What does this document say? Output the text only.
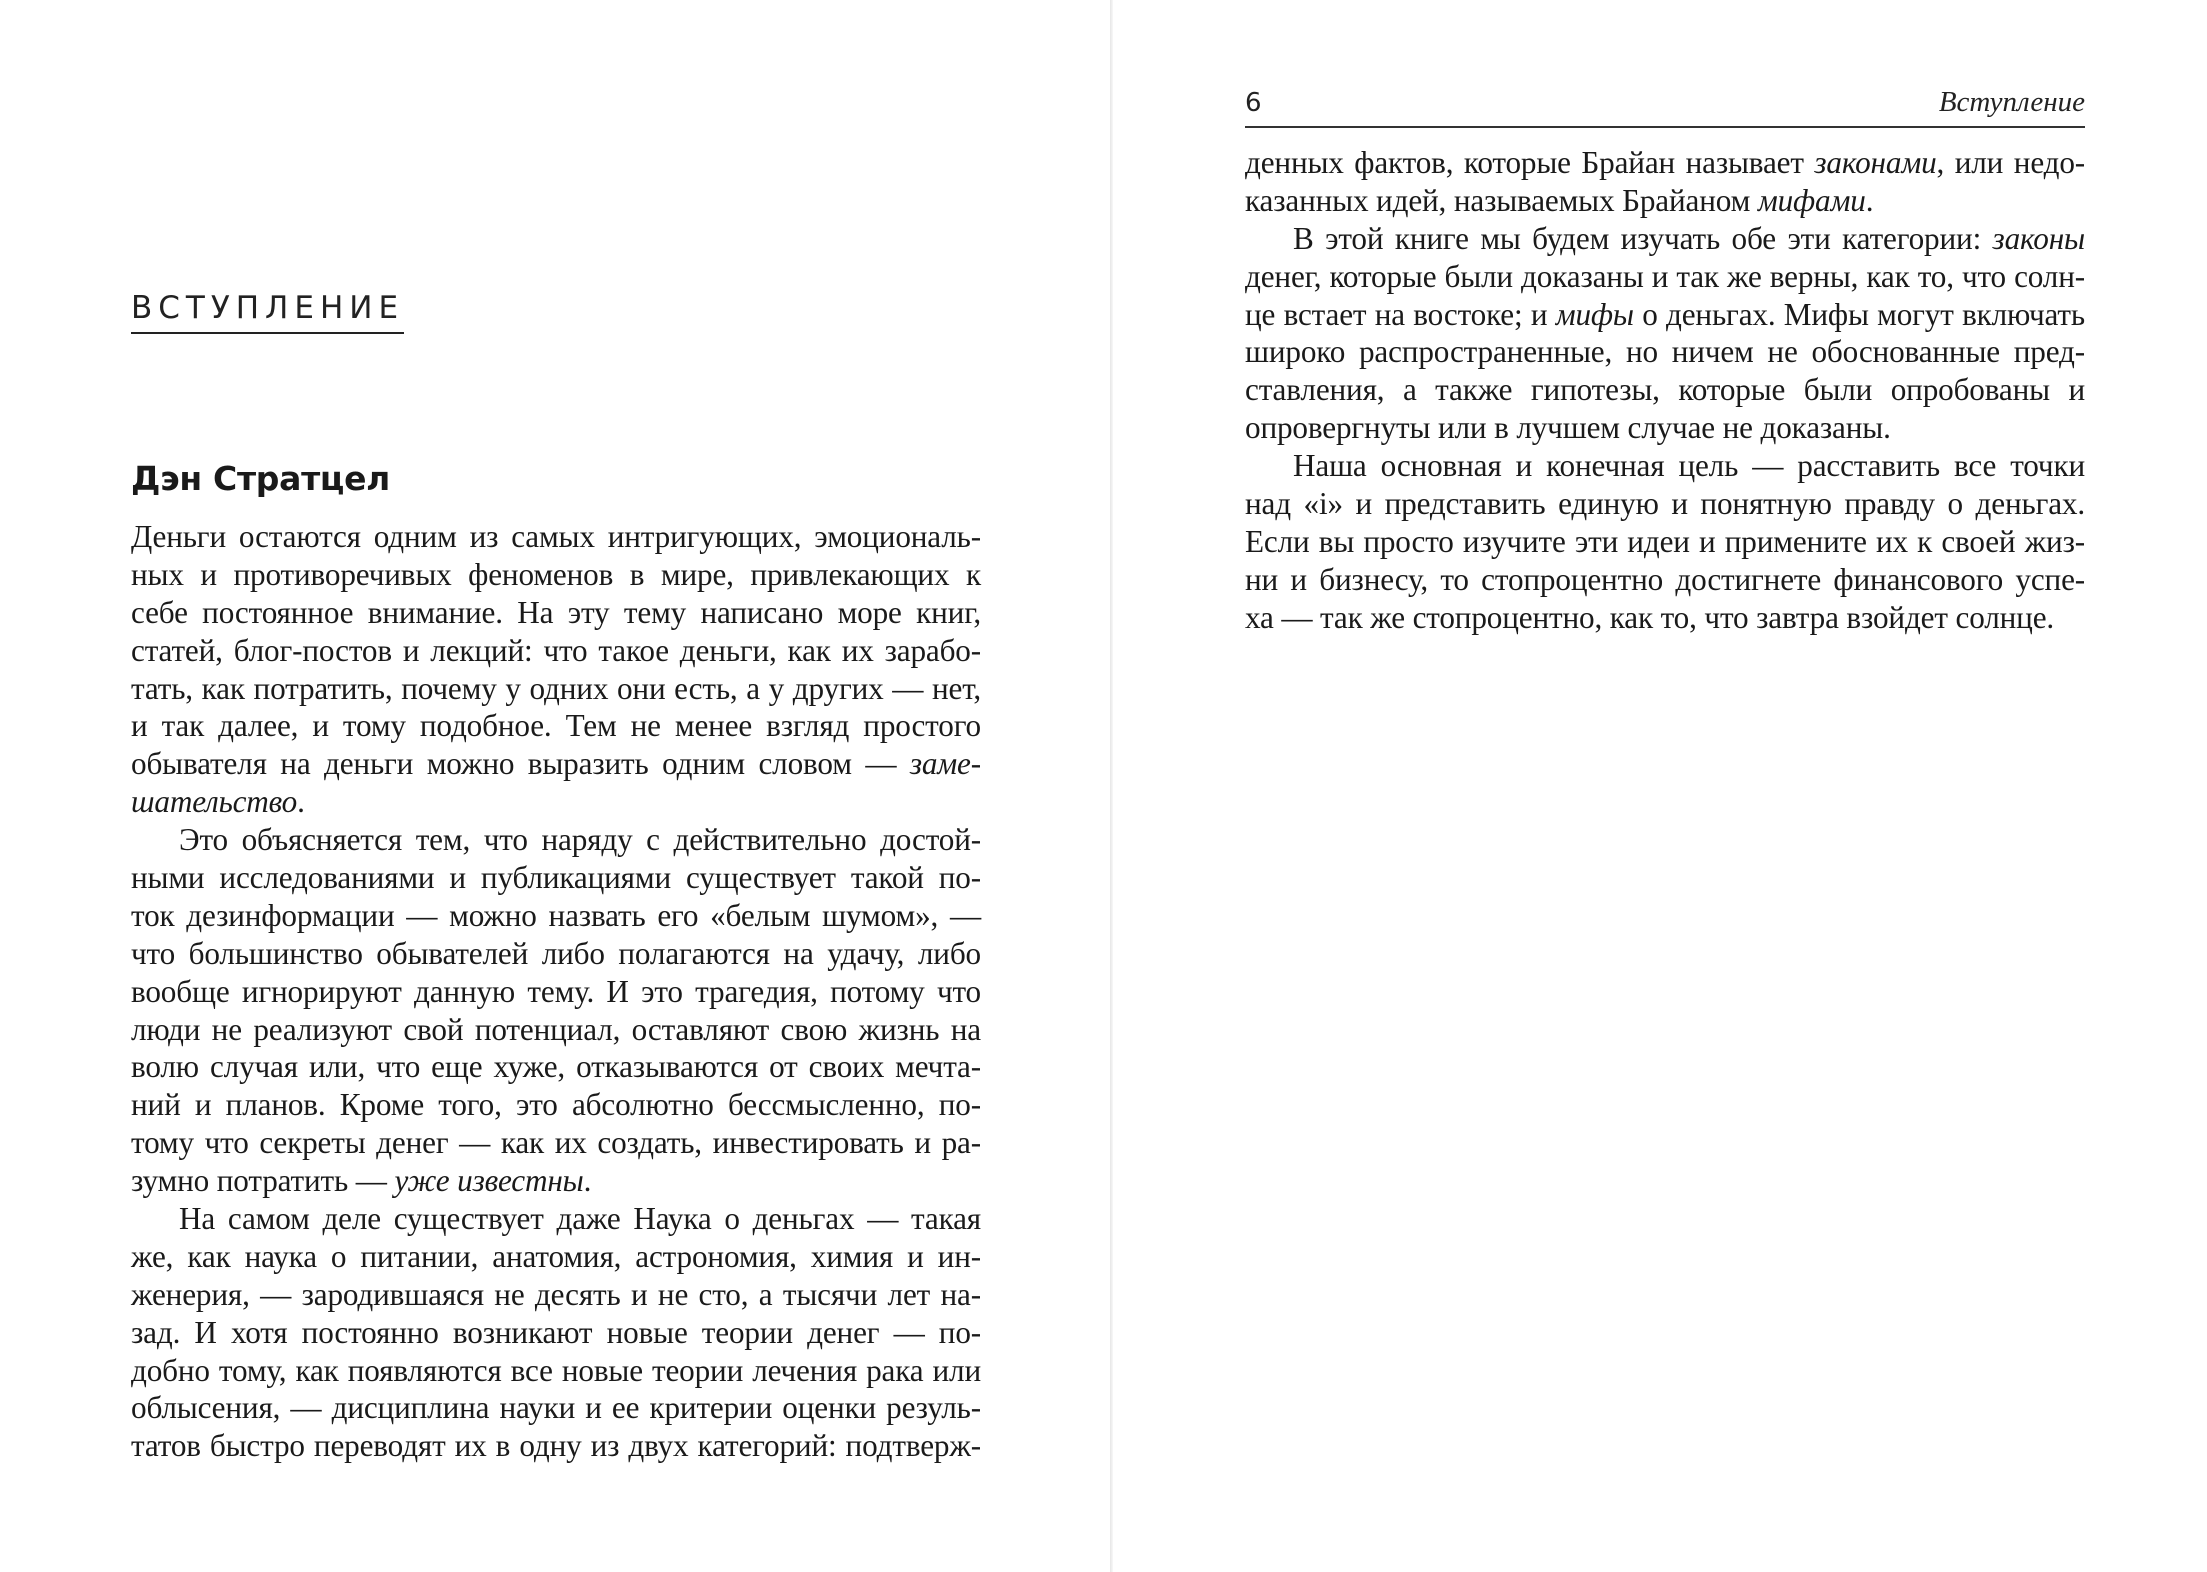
ВСТУПЛЕНИЕ
Дэн Стратцел
Деньги остаются одним из самых интригующих, эмоциональ-
ных и противоречивых феноменов в мире, привлекающих к
себе постоянное внимание. На эту тему написано море книг,
статей, блог-постов и лекций: что такое деньги, как их зарабо-
тать, как потратить, почему у одних они есть, а у других — нет,
и так далее, и тому подобное. Тем не менее взгляд простого
обывателя на деньги можно выразить одним словом — заме-
шательство.
Это объясняется тем, что наряду с действительно достой-
ными исследованиями и публикациями существует такой по-
ток дезинформации — можно назвать его «белым шумом», —
что большинство обывателей либо полагаются на удачу, либо
вообще игнорируют данную тему. И это трагедия, потому что
люди не реализуют свой потенциал, оставляют свою жизнь на
волю случая или, что еще хуже, отказываются от своих мечта-
ний и планов. Кроме того, это абсолютно бессмысленно, по-
тому что секреты денег — как их создать, инвестировать и ра-
зумно потратить — уже известны.
На самом деле существует даже Наука о деньгах — такая
же, как наука о питании, анатомия, астрономия, химия и ин-
женерия, — зародившаяся не десять и не сто, а тысячи лет на-
зад. И хотя постоянно возникают новые теории денег — по-
добно тому, как появляются все новые теории лечения рака или
облысения, — дисциплина науки и ее критерии оценки резуль-
татов быстро переводят их в одну из двух категорий: подтверж-
6	Вступление
денных фактов, которые Брайан называет законами, или недо-
казанных идей, называемых Брайаном мифами.
В этой книге мы будем изучать обе эти категории: законы
денег, которые были доказаны и так же верны, как то, что солн-
це встает на востоке; и мифы о деньгах. Мифы могут включать
широко распространенные, но ничем не обоснованные пред-
ставления, а также гипотезы, которые были опробованы и
опровергнуты или в лучшем случае не доказаны.
Наша основная и конечная цель — расставить все точки
над «i» и представить единую и понятную правду о деньгах.
Если вы просто изучите эти идеи и примените их к своей жиз-
ни и бизнесу, то стопроцентно достигнете финансового успе-
ха — так же стопроцентно, как то, что завтра взойдет солнце.
